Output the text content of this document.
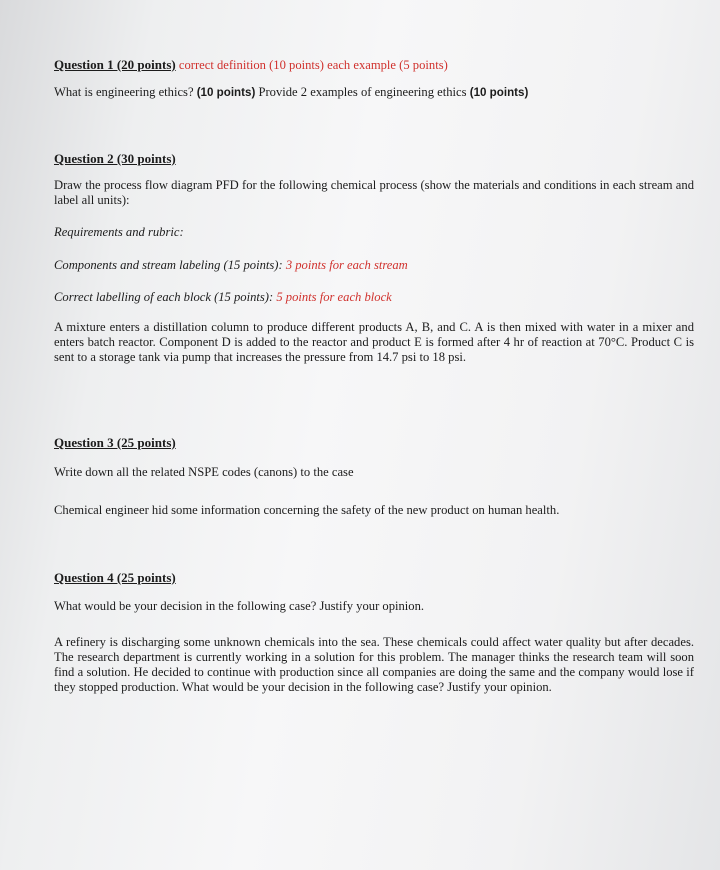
Question 1 (20 points) correct definition (10 points) each example (5 points)
What is engineering ethics? (10 points) Provide 2 examples of engineering ethics (10 points)
Question 2 (30 points)
Draw the process flow diagram PFD for the following chemical process (show the materials and conditions in each stream and label all units):
Requirements and rubric:
Components and stream labeling (15 points): 3 points for each stream
Correct labelling of each block (15 points): 5 points for each block
A mixture enters a distillation column to produce different products A, B, and C. A is then mixed with water in a mixer and enters batch reactor. Component D is added to the reactor and product E is formed after 4 hr of reaction at 70°C. Product C is sent to a storage tank via pump that increases the pressure from 14.7 psi to 18 psi.
Question 3 (25 points)
Write down all the related NSPE codes (canons) to the case
Chemical engineer hid some information concerning the safety of the new product on human health.
Question 4 (25 points)
What would be your decision in the following case? Justify your opinion.
A refinery is discharging some unknown chemicals into the sea. These chemicals could affect water quality but after decades. The research department is currently working in a solution for this problem. The manager thinks the research team will soon find a solution. He decided to continue with production since all companies are doing the same and the company would lose if they stopped production. What would be your decision in the following case? Justify your opinion.
